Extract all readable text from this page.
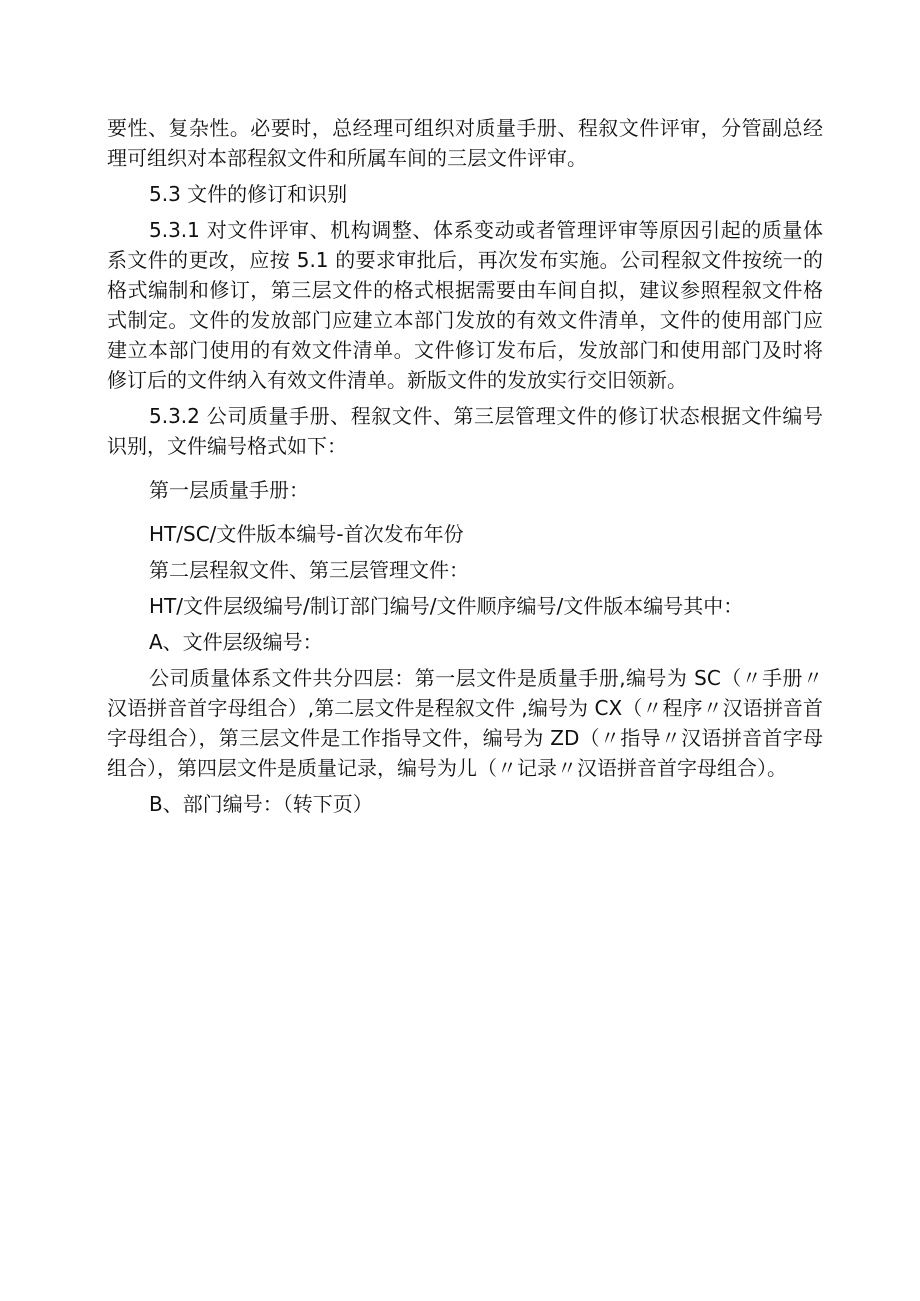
要性、复杂性。必要时，总经理可组织对质量手册、程叙文件评审，分管副总经理可组织对本部程叙文件和所属车间的三层文件评审。

5.3 文件的修订和识别

5.3.1 对文件评审、机构调整、体系变动或者管理评审等原因引起的质量体系文件的更改，应按 5.1 的要求审批后，再次发布实施。公司程叙文件按统一的格式编制和修订，第三层文件的格式根据需要由车间自拟，建议参照程叙文件格式制定。文件的发放部门应建立本部门发放的有效文件清单，文件的使用部门应建立本部门使用的有效文件清单。文件修订发布后，发放部门和使用部门及时将修订后的文件纳入有效文件清单。新版文件的发放实行交旧领新。

5.3.2 公司质量手册、程叙文件、第三层管理文件的修订状态根据文件编号识别，文件编号格式如下：

第一层质量手册：

HT/SC/文件版本编号-首次发布年份

第二层程叙文件、第三层管理文件：

HT/文件层级编号/制订部门编号/文件顺序编号/文件版本编号其中：

A、文件层级编号：

公司质量体系文件共分四层：第一层文件是质量手册,编号为 SC（〃手册〃汉语拼音首字母组合）,第二层文件是程叙文件 ,编号为 CX（〃程序〃汉语拼音首字母组合），第三层文件是工作指导文件，编号为 ZD（〃指导〃汉语拼音首字母组合），第四层文件是质量记录，编号为儿（〃记录〃汉语拼音首字母组合）。

B、部门编号：（转下页）
